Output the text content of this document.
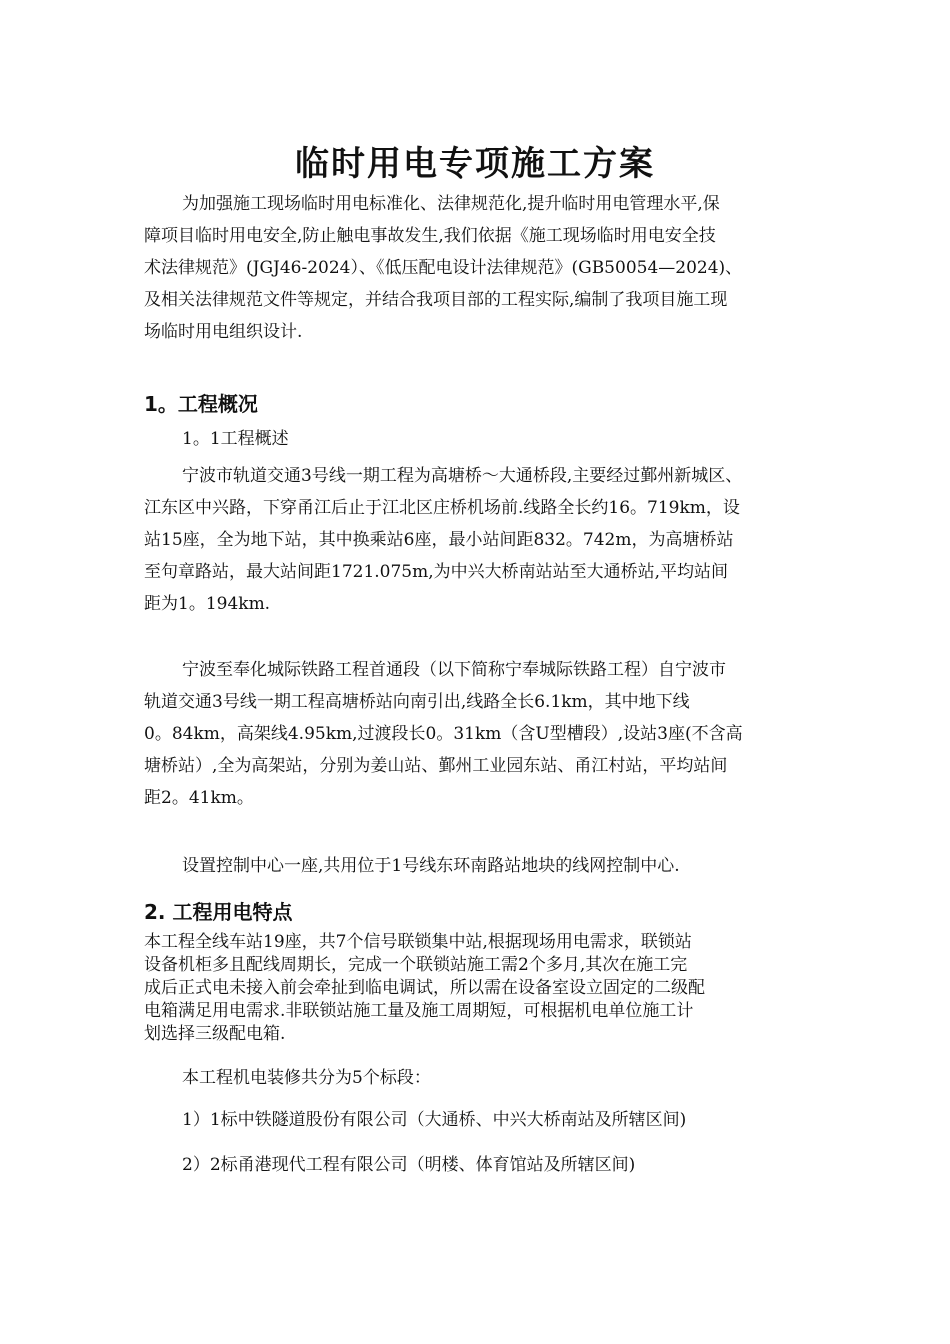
临时用电专项施工方案
为加强施工现场临时用电标准化、法律规范化,提升临时用电管理水平,保
障项目临时用电安全,防止触电事故发生,我们依据《施工现场临时用电安全技
术法律规范》(JGJ46-2024）、《低压配电设计法律规范》(GB50054—2024)、
及相关法律规范文件等规定，并结合我项目部的工程实际,编制了我项目施工现
场临时用电组织设计.
1。工程概况
1。1工程概述
宁波市轨道交通3号线一期工程为高塘桥～大通桥段,主要经过鄞州新城区、
江东区中兴路，下穿甬江后止于江北区庄桥机场前.线路全长约16。719km，设
站15座，全为地下站，其中换乘站6座，最小站间距832。742m，为高塘桥站
至句章路站，最大站间距1721.075m,为中兴大桥南站站至大通桥站,平均站间
距为1。194km.
宁波至奉化城际铁路工程首通段（以下简称宁奉城际铁路工程）自宁波市
轨道交通3号线一期工程高塘桥站向南引出,线路全长6.1km，其中地下线
0。84km，高架线4.95km,过渡段长0。31km（含U型槽段）,设站3座(不含高
塘桥站）,全为高架站，分别为姜山站、鄞州工业园东站、甬江村站，平均站间
距2。41km。
设置控制中心一座,共用位于1号线东环南路站地块的线网控制中心.
2. 工程用电特点
本工程全线车站19座，共7个信号联锁集中站,根据现场用电需求，联锁站
设备机柜多且配线周期长，完成一个联锁站施工需2个多月,其次在施工完
成后正式电未接入前会牵扯到临电调试，所以需在设备室设立固定的二级配
电箱满足用电需求.非联锁站施工量及施工周期短，可根据机电单位施工计
划选择三级配电箱.
本工程机电装修共分为5个标段：
1）1标中铁隧道股份有限公司（大通桥、中兴大桥南站及所辖区间)
2）2标甬港现代工程有限公司（明楼、体育馆站及所辖区间)
